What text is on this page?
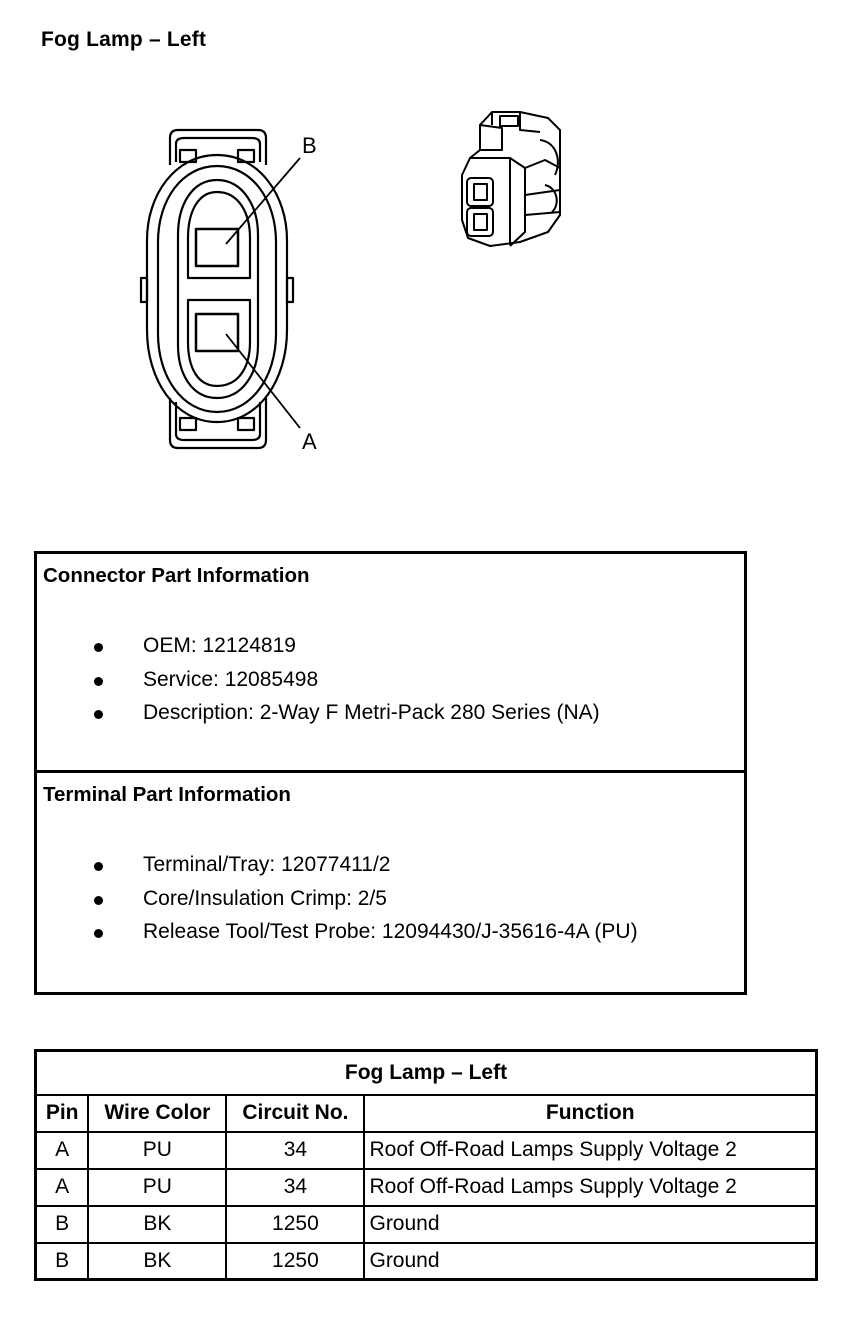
Fog Lamp – Left
B
A
Connector Part Information
OEM: 12124819
Service: 12085498
Description: 2-Way F Metri-Pack 280 Series (NA)
Terminal Part Information
Terminal/Tray: 12077411/2
Core/Insulation Crimp: 2/5
Release Tool/Test Probe: 12094430/J-35616-4A (PU)
Fog Lamp – Left			
Pin	Wire Color	Circuit No.	Function
A	PU	34	Roof Off-Road Lamps Supply Voltage 2
A	PU	34	Roof Off-Road Lamps Supply Voltage 2
B	BK	1250	Ground
B	BK	1250	Ground
